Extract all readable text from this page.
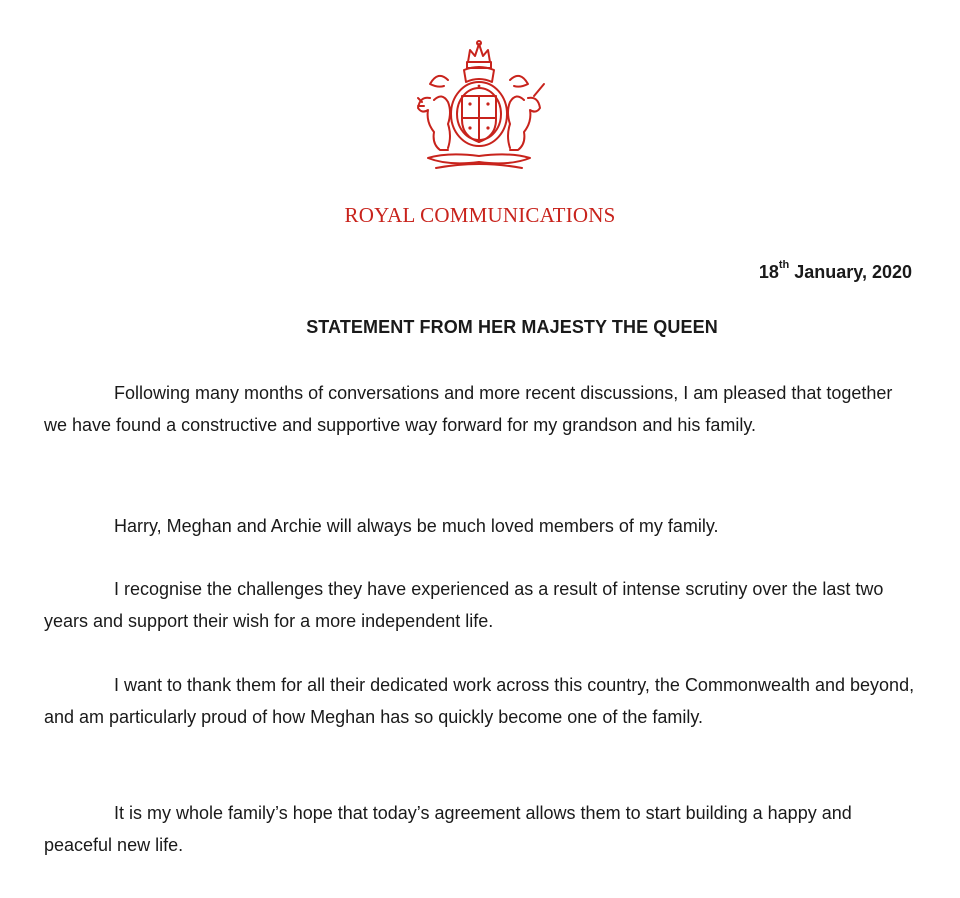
ROYAL COMMUNICATIONS
18th January, 2020
STATEMENT FROM HER MAJESTY THE QUEEN

Following many months of conversations and more recent discussions, I am pleased that together we have found a constructive and supportive way forward for my grandson and his family.

Harry, Meghan and Archie will always be much loved members of my family.

I recognise the challenges they have experienced as a result of intense scrutiny over the last two years and support their wish for a more independent life.

I want to thank them for all their dedicated work across this country, the Commonwealth and beyond, and am particularly proud of how Meghan has so quickly become one of the family.

It is my whole family’s hope that today’s agreement allows them to start building a happy and peaceful new life.
